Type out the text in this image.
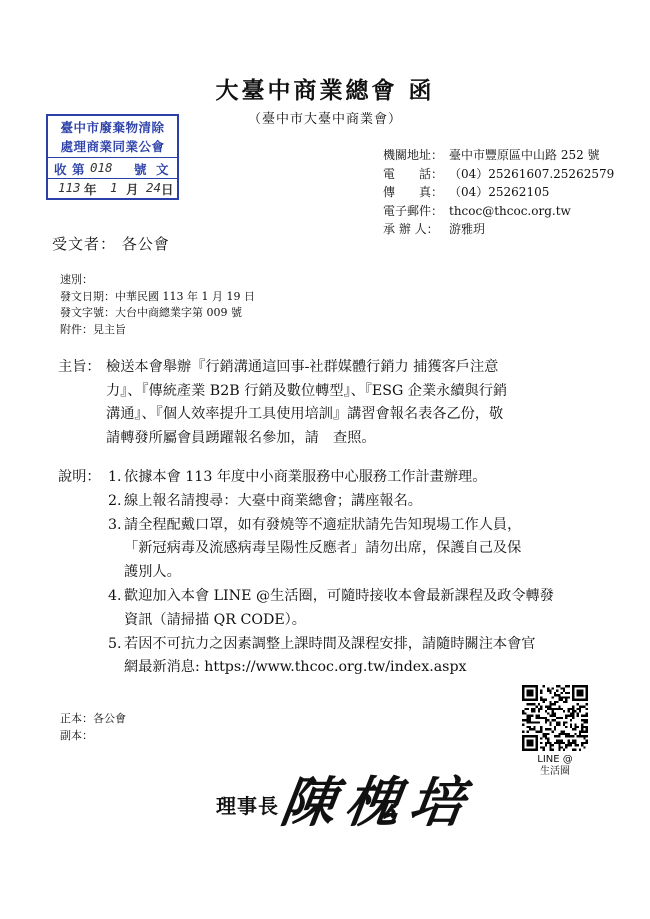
大臺中商業總會 函
（臺中市大臺中商業會）
臺中市廢棄物清除
處理商業同業公會
收 第 018 號 文
113 年 1 月 24 日
機關地址： 臺中市豐原區中山路 252 號
電　　話： （04）25261607.25262579
傳　　真： （04）25262105
電子郵件： thcoc@thcoc.org.tw
承 辦 人： 游雅玥
受文者： 各公會
速別：
發文日期：中華民國 113 年 1 月 19 日
發文字號：大台中商總業字第 009 號
附件：見主旨
主旨： 檢送本會舉辦『行銷溝通這回事-社群媒體行銷力 捕獲客戶注意
力』、『傳統產業 B2B 行銷及數位轉型』、『ESG 企業永續與行銷
溝通』、『個人效率提升工具使用培訓』講習會報名表各乙份，敬
請轉發所屬會員踴躍報名參加，請　查照。
說明： 1. 依據本會 113 年度中小商業服務中心服務工作計畫辦理。
2. 線上報名請搜尋：大臺中商業總會；講座報名。
3. 請全程配戴口罩，如有發燒等不適症狀請先告知現場工作人員，
「新冠病毒及流感病毒呈陽性反應者」請勿出席，保護自己及保
護別人。
4. 歡迎加入本會 LINE @生活圈，可隨時接收本會最新課程及政令轉發
資訊（請掃描 QR CODE）。
5. 若因不可抗力之因素調整上課時間及課程安排，請隨時關注本會官
網最新消息: https://www.thcoc.org.tw/index.aspx
LINE @
生活圈
正本：各公會
副本：
理事長
陳槐培
